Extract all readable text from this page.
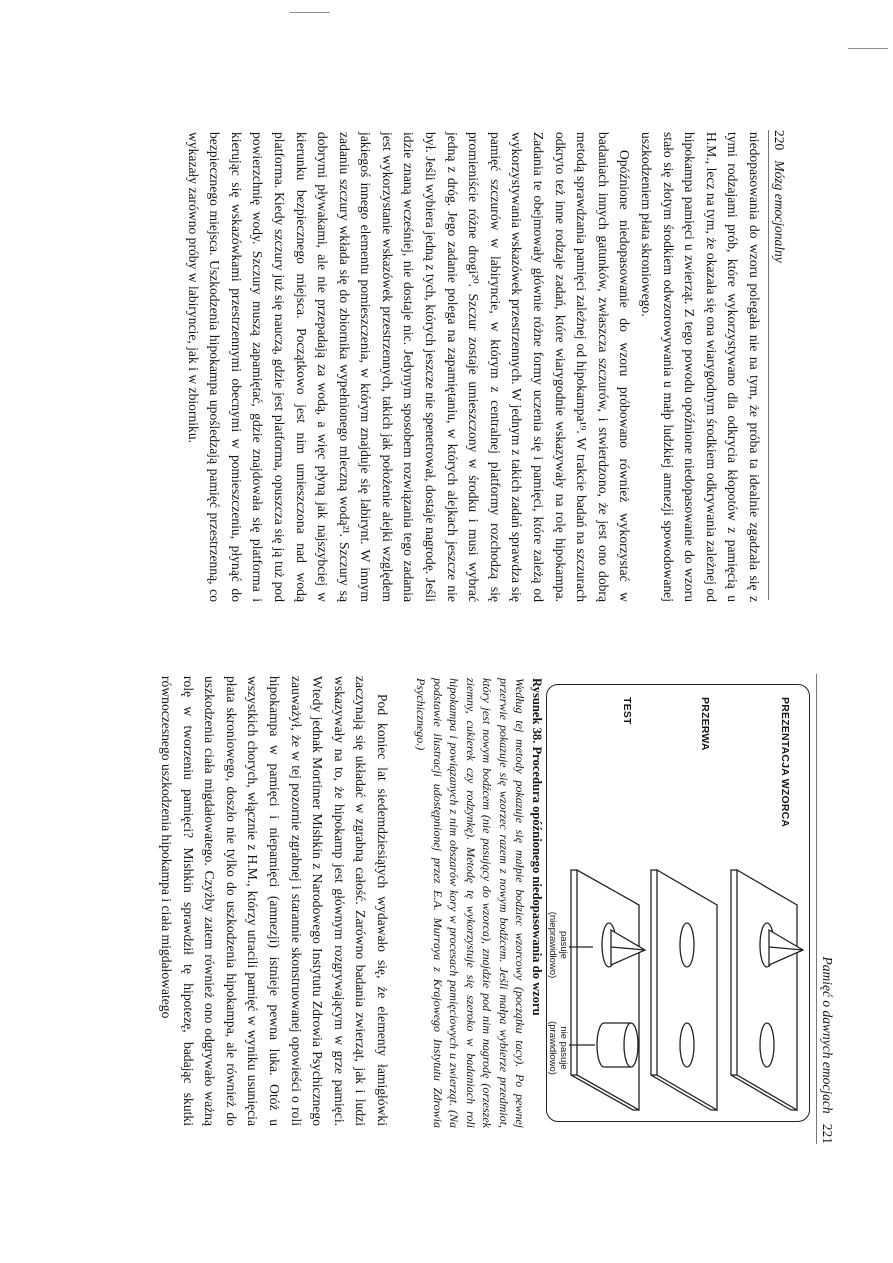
220   Mózg emocjonalny

niedopasowania do wzoru polegała nie na tym, że próba ta idealnie zgadzała się z tymi rodzajami prób, które wykorzystywano dla odkrycia kłopotów z pamięcią u H.M., lecz na tym, że okazała się ona wiarygodnym środkiem odkrywania zależnej od hipokampa pamięci u zwierząt. Z tego powodu opóźnione niedopasowanie do wzoru stało się złotym środkiem odwzorowywania u małp ludzkiej amnezji spowodowanej uszkodzeniem płata skroniowego.

Opóźnione niedopasowanie do wzoru próbowano również wykorzystać w badaniach innych gatunków, zwłaszcza szczurów, i stwierdzono, że jest ono dobrą metodą sprawdzania pamięci zależnej od hipokampa¹⁹. W trakcie badań na szczurach odkryto też inne rodzaje zadań, które wiarygodnie wskazywały na rolę hipokampa. Zadania te obejmowały głównie różne formy uczenia się i pamięci, które zależą od wykorzystywania wskazówek przestrzennych. W jednym z takich zadań sprawdza się pamięć szczurów w labiryncie, w którym z centralnej platformy rozchodzą się promieniście różne drogi²⁰. Szczur zostaje umieszczony w środku i musi wybrać jedną z dróg. Jego zadanie polega na zapamiętaniu, w których alejkach jeszcze nie był. Jeśli wybiera jedną z tych, których jeszcze nie spenetrował, dostaje nagrodę. Jeśli idzie znaną wcześniej, nie dostaje nic. Jedynym sposobem rozwiązania tego zadania jest wykorzystanie wskazówek przestrzennych, takich jak położenie alejki względem jakiegoś innego elementu pomieszczenia, w którym znajduje się labirynt. W innym zadaniu szczury wkłada się do zbiornika wypełnionego mleczną wodą²¹. Szczury są dobrymi pływakami, ale nie przepadają za wodą, a więc płyną jak najszybciej w kierunku bezpiecznego miejsca. Początkowo jest nim umieszczona nad wodą platforma. Kiedy szczury już się nauczą, gdzie jest platforma, opuszcza się ją tuż pod powierzchnię wody. Szczury muszą zapamiętać, gdzie znajdowała się platforma i kierując się wskazówkami przestrzennymi obecnymi w pomieszczeniu, płynąć do bezpiecznego miejsca. Uszkodzenia hipokampa upośledzają pamięć przestrzenną, co wykazały zarówno próby w labiryncie, jak i w zbiorniku.

Pamięć o dawnych emocjach   221
PREZENTACJA WZORCA
PRZERWA
TEST
pasuje
(nieprawidłowo)
nie pasuje
(prawidłowo)
Rysunek 38. Procedura opóźnionego niedopasowania do wzoru
Według tej metody pokazuje się małpie bodziec wzorcowy (początku tacy). Po pewnej przerwie pokazuje się wzorzec razem z nowym bodźcem. Jeśli małpa wybierze przedmiot, który jest nowym bodźcem (nie pasujący do wzorca), znajdzie pod nim nagrodę (orzeszek ziemny, cukierek czy rodzynkę). Metodę tę wykorzystuje się szeroko w badaniach roli hipokampa i powiązanych z nim obszarów kory w procesach pamięciowych u zwierząt. (Na podstawie ilustracji udostępnionej przez E.A. Murraya z Krajowego Instytutu Zdrowia Psychicznego.)

Pod koniec lat siedemdziesiątych wydawało się, że elementy łamigłówki zaczynają się układać w zgrabną całość. Zarówno badania zwierząt, jak i ludzi wskazywały na to, że hipokamp jest głównym rozgrywającym w grze pamięci. Wtedy jednak Mortimer Mishkin z Narodowego Instytutu Zdrowia Psychicznego zauważył, że w tej pozornie zgrabnej i starannie skonstruowanej opowieści o roli hipokampa w pamięci i niepamięci (amnezji) istnieje pewna luka. Otóż u wszystkich chorych, włącznie z H.M., którzy utracili pamięć w wyniku usunięcia płata skroniowego, doszło nie tylko do uszkodzenia hipokampa, ale również do uszkodzenia ciała migdałowatego. Czyżby zatem również ono odgrywało ważną rolę w tworzeniu pamięci? Mishkin sprawdził tę hipotezę, badając skutki równoczesnego uszkodzenia hipokampa i ciała migdałowatego
